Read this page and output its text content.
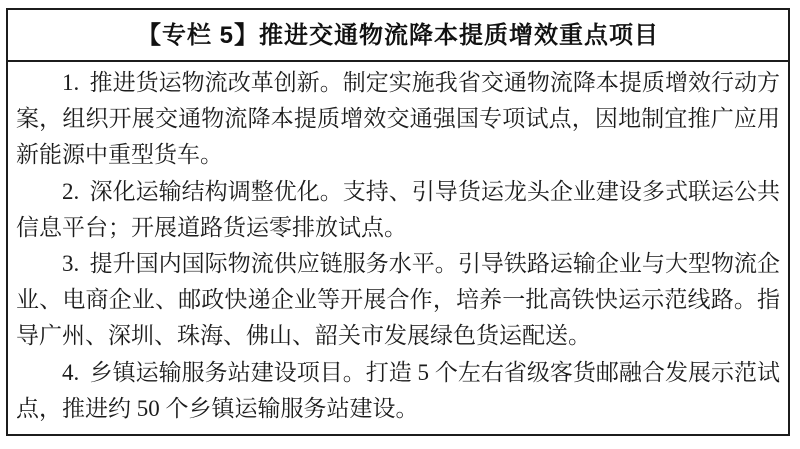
【专栏 5】推进交通物流降本提质增效重点项目

1. 推进货运物流改革创新。制定实施我省交通物流降本提质增效行动方案，组织开展交通物流降本提质增效交通强国专项试点，因地制宜推广应用新能源中重型货车。

2. 深化运输结构调整优化。支持、引导货运龙头企业建设多式联运公共信息平台；开展道路货运零排放试点。

3. 提升国内国际物流供应链服务水平。引导铁路运输企业与大型物流企业、电商企业、邮政快递企业等开展合作，培养一批高铁快运示范线路。指导广州、深圳、珠海、佛山、韶关市发展绿色货运配送。

4. 乡镇运输服务站建设项目。打造 5 个左右省级客货邮融合发展示范试点，推进约 50 个乡镇运输服务站建设。
